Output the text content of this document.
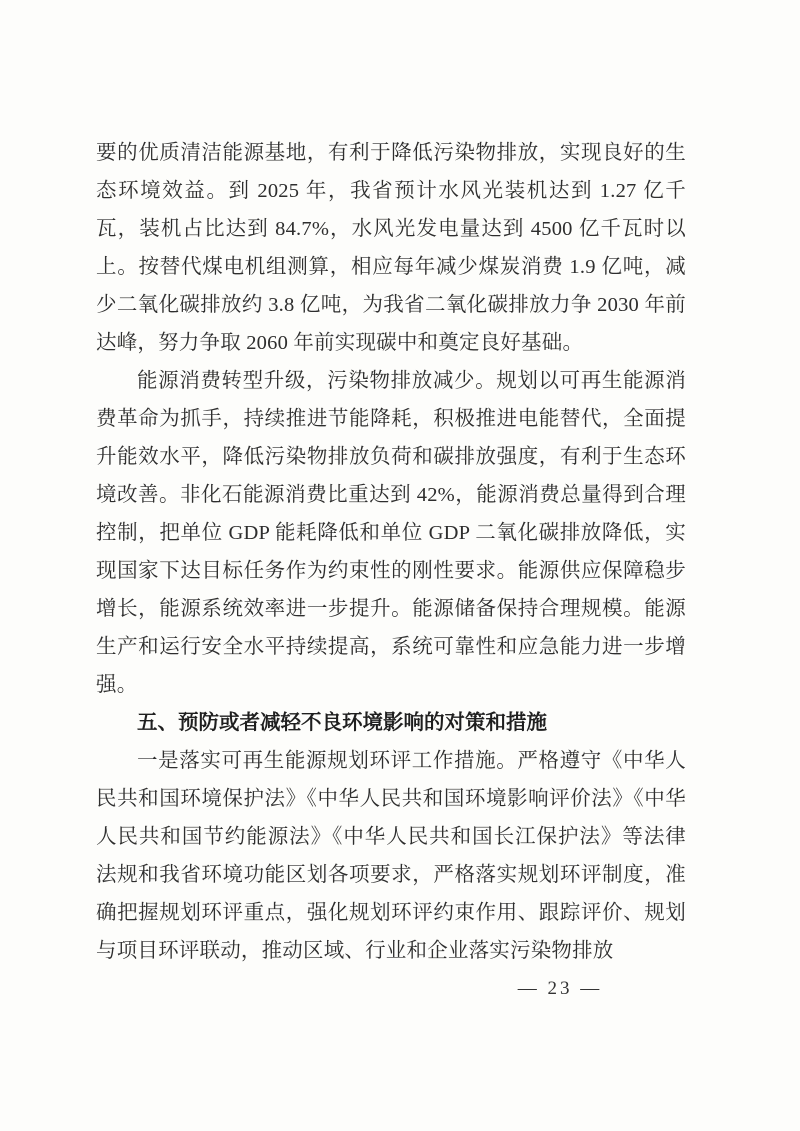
要的优质清洁能源基地，有利于降低污染物排放，实现良好的生态环境效益。到 2025 年，我省预计水风光装机达到 1.27 亿千瓦，装机占比达到 84.7%，水风光发电量达到 4500 亿千瓦时以上。按替代煤电机组测算，相应每年减少煤炭消费 1.9 亿吨，减少二氧化碳排放约 3.8 亿吨，为我省二氧化碳排放力争 2030 年前达峰，努力争取 2060 年前实现碳中和奠定良好基础。

能源消费转型升级，污染物排放减少。规划以可再生能源消费革命为抓手，持续推进节能降耗，积极推进电能替代，全面提升能效水平，降低污染物排放负荷和碳排放强度，有利于生态环境改善。非化石能源消费比重达到 42%，能源消费总量得到合理控制，把单位 GDP 能耗降低和单位 GDP 二氧化碳排放降低，实现国家下达目标任务作为约束性的刚性要求。能源供应保障稳步增长，能源系统效率进一步提升。能源储备保持合理规模。能源生产和运行安全水平持续提高，系统可靠性和应急能力进一步增强。

五、预防或者减轻不良环境影响的对策和措施

一是落实可再生能源规划环评工作措施。严格遵守《中华人民共和国环境保护法》《中华人民共和国环境影响评价法》《中华人民共和国节约能源法》《中华人民共和国长江保护法》等法律法规和我省环境功能区划各项要求，严格落实规划环评制度，准确把握规划环评重点，强化规划环评约束作用、跟踪评价、规划与项目环评联动，推动区域、行业和企业落实污染物排放

— 23 —
